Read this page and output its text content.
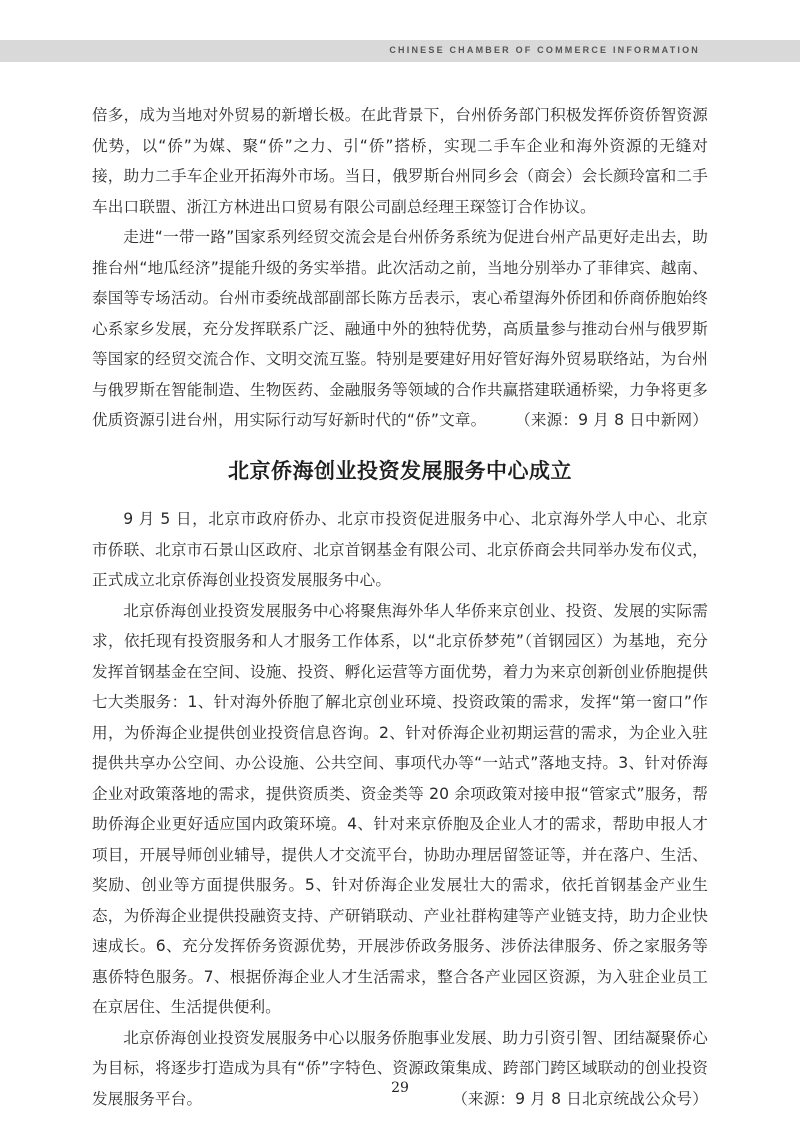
CHINESE CHAMBER OF COMMERCE INFORMATION

倍多，成为当地对外贸易的新增长极。在此背景下，台州侨务部门积极发挥侨资侨智资源优势，以“侨”为媒、聚“侨”之力、引“侨”搭桥，实现二手车企业和海外资源的无缝对接，助力二手车企业开拓海外市场。当日，俄罗斯台州同乡会（商会）会长颜玲富和二手车出口联盟、浙江方林进出口贸易有限公司副总经理王琛签订合作协议。

走进“一带一路”国家系列经贸交流会是台州侨务系统为促进台州产品更好走出去，助推台州“地瓜经济”提能升级的务实举措。此次活动之前，当地分别举办了菲律宾、越南、泰国等专场活动。台州市委统战部副部长陈方岳表示，衷心希望海外侨团和侨商侨胞始终心系家乡发展，充分发挥联系广泛、融通中外的独特优势，高质量参与推动台州与俄罗斯等国家的经贸交流合作、文明交流互鉴。特别是要建好用好管好海外贸易联络站，为台州与俄罗斯在智能制造、生物医药、金融服务等领域的合作共赢搭建联通桥梁，力争将更多优质资源引进台州，用实际行动写好新时代的“侨”文章。 （来源：9 月 8 日中新网）

北京侨海创业投资发展服务中心成立

9 月 5 日，北京市政府侨办、北京市投资促进服务中心、北京海外学人中心、北京市侨联、北京市石景山区政府、北京首钢基金有限公司、北京侨商会共同举办发布仪式，正式成立北京侨海创业投资发展服务中心。

北京侨海创业投资发展服务中心将聚焦海外华人华侨来京创业、投资、发展的实际需求，依托现有投资服务和人才服务工作体系，以“北京侨梦苑”（首钢园区）为基地，充分发挥首钢基金在空间、设施、投资、孵化运营等方面优势，着力为来京创新创业侨胞提供七大类服务：1、针对海外侨胞了解北京创业环境、投资政策的需求，发挥“第一窗口”作用，为侨海企业提供创业投资信息咨询。2、针对侨海企业初期运营的需求，为企业入驻提供共享办公空间、办公设施、公共空间、事项代办等“一站式”落地支持。3、针对侨海企业对政策落地的需求，提供资质类、资金类等 20 余项政策对接申报“管家式”服务，帮助侨海企业更好适应国内政策环境。4、针对来京侨胞及企业人才的需求，帮助申报人才项目，开展导师创业辅导，提供人才交流平台，协助办理居留签证等，并在落户、生活、奖励、创业等方面提供服务。5、针对侨海企业发展壮大的需求，依托首钢基金产业生态，为侨海企业提供投融资支持、产研销联动、产业社群构建等产业链支持，助力企业快速成长。6、充分发挥侨务资源优势，开展涉侨政务服务、涉侨法律服务、侨之家服务等惠侨特色服务。7、根据侨海企业人才生活需求，整合各产业园区资源，为入驻企业员工在京居住、生活提供便利。

北京侨海创业投资发展服务中心以服务侨胞事业发展、助力引资引智、团结凝聚侨心为目标，将逐步打造成为具有“侨”字特色、资源政策集成、跨部门跨区域联动的创业投资发展服务平台。	（来源：9 月 8 日北京统战公众号）

29
